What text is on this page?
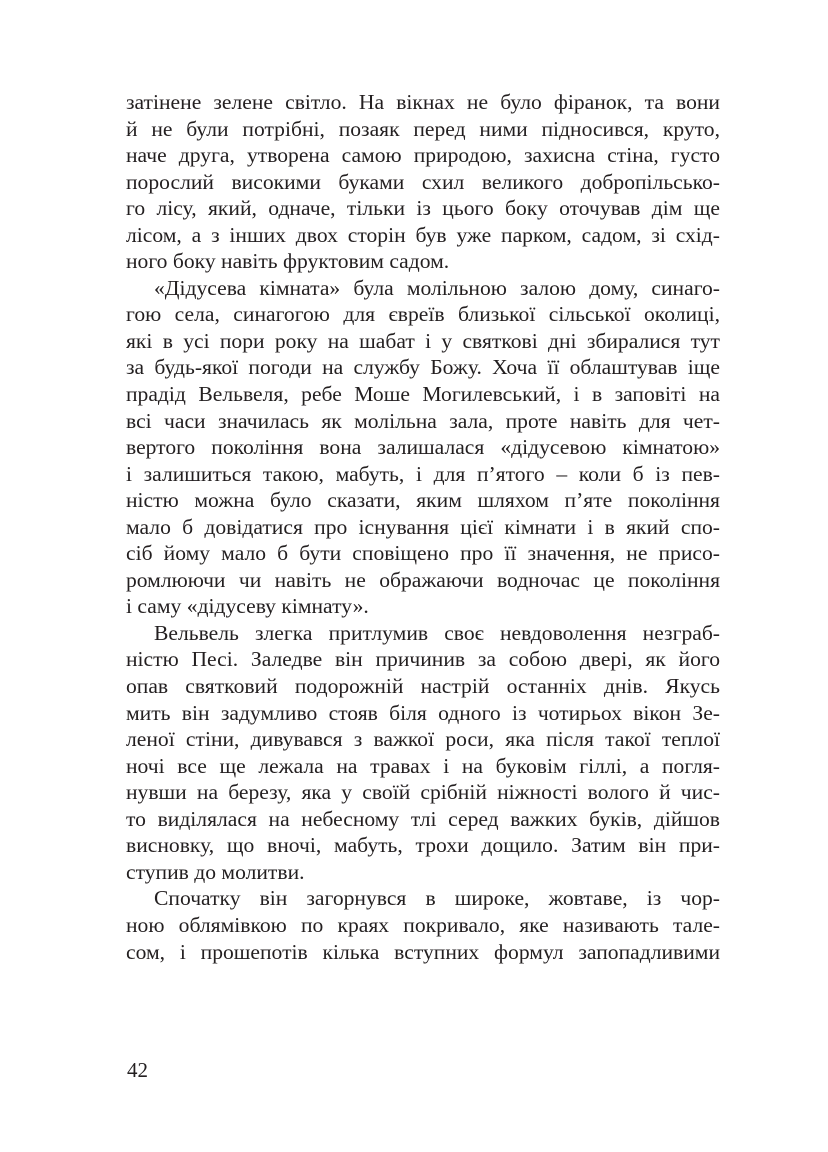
затінене зелене світло. На вікнах не було фіранок, та вони
й не були потрібні, позаяк перед ними підносився, круто,
наче друга, утворена самою природою, захисна стіна, густо
порослий високими буками схил великого добропільсько-
го лісу, який, одначе, тільки із цього боку оточував дім ще
лісом, а з інших двох сторін був уже парком, садом, зі схід-
ного боку навіть фруктовим садом.
«Дідусева кімната» була молільною залою дому, синаго-
гою села, синагогою для євреїв близької сільської околиці,
які в усі пори року на шабат і у святкові дні збиралися тут
за будь-якої погоди на службу Божу. Хоча її облаштував іще
прадід Вельвеля, ребе Моше Могилевський, і в заповіті на
всі часи значилась як молільна зала, проте навіть для чет-
вертого покоління вона залишалася «дідусевою кімнатою»
і залишиться такою, мабуть, і для п’ятого – коли б із пев-
ністю можна було сказати, яким шляхом п’яте покоління
мало б довідатися про існування цієї кімнати і в який спо-
сіб йому мало б бути сповіщено про її значення, не присо-
ромлюючи чи навіть не ображаючи водночас це покоління
і саму «дідусеву кімнату».
Вельвель злегка притлумив своє невдоволення незграб-
ністю Песі. Заледве він причинив за собою двері, як його
опав святковий подорожній настрій останніх днів. Якусь
мить він задумливо стояв біля одного із чотирьох вікон Зе-
леної стіни, дивувався з важкої роси, яка після такої теплої
ночі все ще лежала на травах і на буковім гіллі, а погля-
нувши на березу, яка у своїй срібній ніжності волого й чис-
то виділялася на небесному тлі серед важких буків, дійшов
висновку, що вночі, мабуть, трохи дощило. Затим він при-
ступив до молитви.
Спочатку він загорнувся в широке, жовтаве, із чор-
ною облямівкою по краях покривало, яке називають тале-
сом, і прошепотів кілька вступних формул запопадливими
42
